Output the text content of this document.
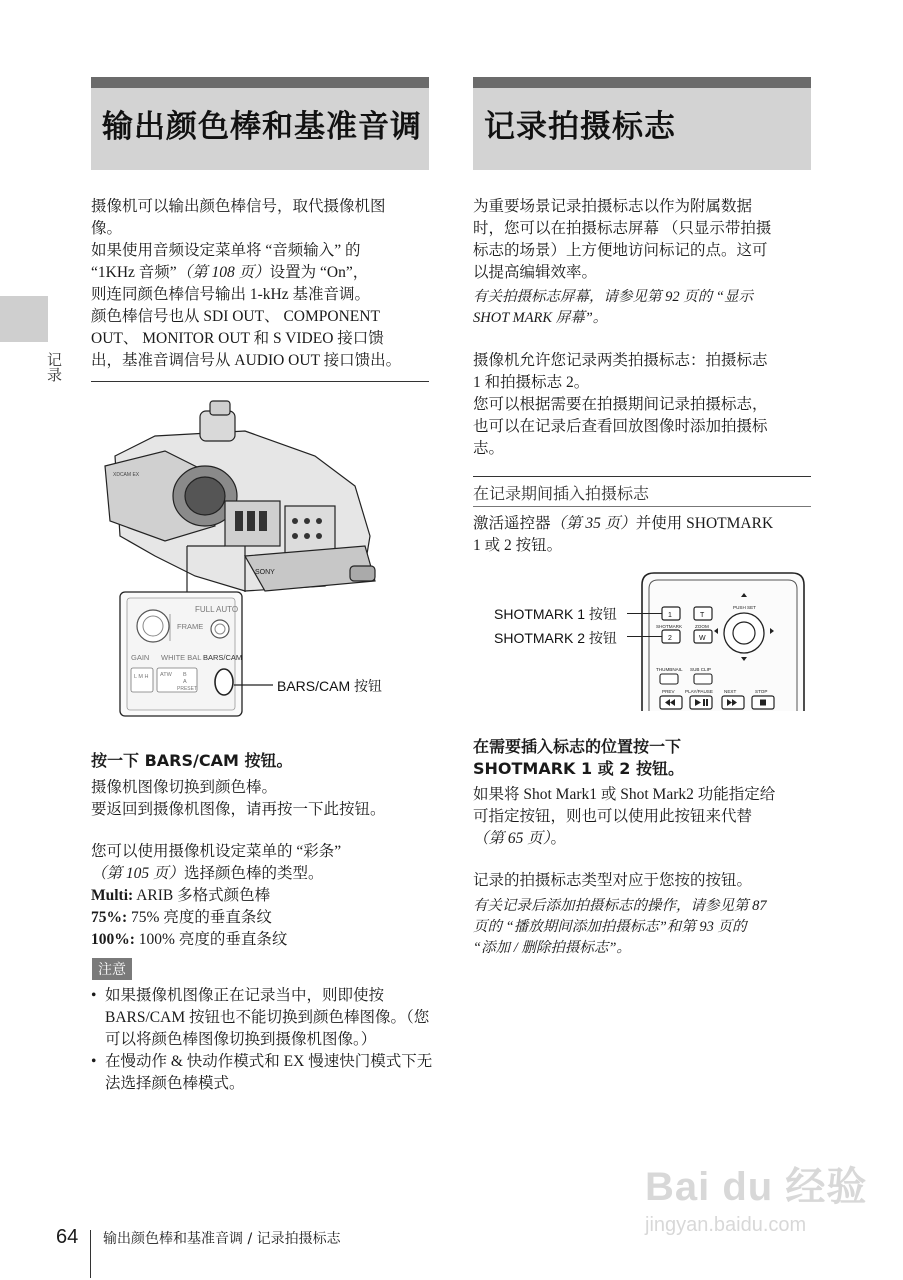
记录
输出颜色棒和基准音调

摄像机可以输出颜色棒信号，取代摄像机图

像。

如果使用音频设定菜单将 “音频输入” 的

“1KHz 音频”（第 108 页）设置为 “On”，

则连同颜色棒信号输出 1-kHz 基准音调。

颜色棒信号也从 SDI OUT、 COMPONENT

OUT、 MONITOR OUT 和 S VIDEO 接口馈

出，基准音调信号从 AUDIO OUT 接口馈出。

SONY
XDCAM EX
FULL AUTO
FRAME
GAIN WHITE BAL BARS/CAM
L M H ATW B
A
PRESET	BARS/CAM 按钮
按一下 BARS/CAM 按钮。

摄像机图像切换到颜色棒。

要返回到摄像机图像，请再按一下此按钮。

您可以使用摄像机设定菜单的 “彩条”

（第 105 页）选择颜色棒的类型。

Multi: ARIB 多格式颜色棒

75%: 75% 亮度的垂直条纹

100%: 100% 亮度的垂直条纹

注意
• 如果摄像机图像正在记录当中，则即使按 BARS/CAM 按钮也不能切换到颜色棒图像。（您可以将颜色棒图像切换到摄像机图像。）
• 在慢动作 & 快动作模式和 EX 慢速快门模式下无法选择颜色棒模式。
记录拍摄标志

为重要场景记录拍摄标志以作为附属数据

时，您可以在拍摄标志屏幕 （只显示带拍摄

标志的场景）上方便地访问标记的点。这可

以提高编辑效率。

有关拍摄标志屏幕，请参见第 92 页的 “显示

SHOT MARK 屏幕”。

摄像机允许您记录两类拍摄标志：拍摄标志

1 和拍摄标志 2。

您可以根据需要在拍摄期间记录拍摄标志，

也可以在记录后查看回放图像时添加拍摄标

志。

在记录期间插入拍摄标志

激活遥控器（第 35 页）并使用 SHOTMARK

1 或 2 按钮。

1	T
SHOTMARK	ZOOM
2	W
PUSH SET
THUMBNAIL SUB CLIP
PREV PLAY/PAUSE NEXT	STOP
SHOTMARK 1 按钮
SHOTMARK 2 按钮
在需要插入标志的位置按一下
SHOTMARK 1 或 2 按钮。

如果将 Shot Mark1 或 Shot Mark2 功能指定给

可指定按钮，则也可以使用此按钮来代替

（第 65 页）。

记录的拍摄标志类型对应于您按的按钮。

有关记录后添加拍摄标志的操作，请参见第 87

页的 “播放期间添加拍摄标志”和第 93 页的

“添加 / 删除拍摄标志”。

Bai du 经验
jingyan.baidu.com
64 输出颜色棒和基准音调 / 记录拍摄标志
